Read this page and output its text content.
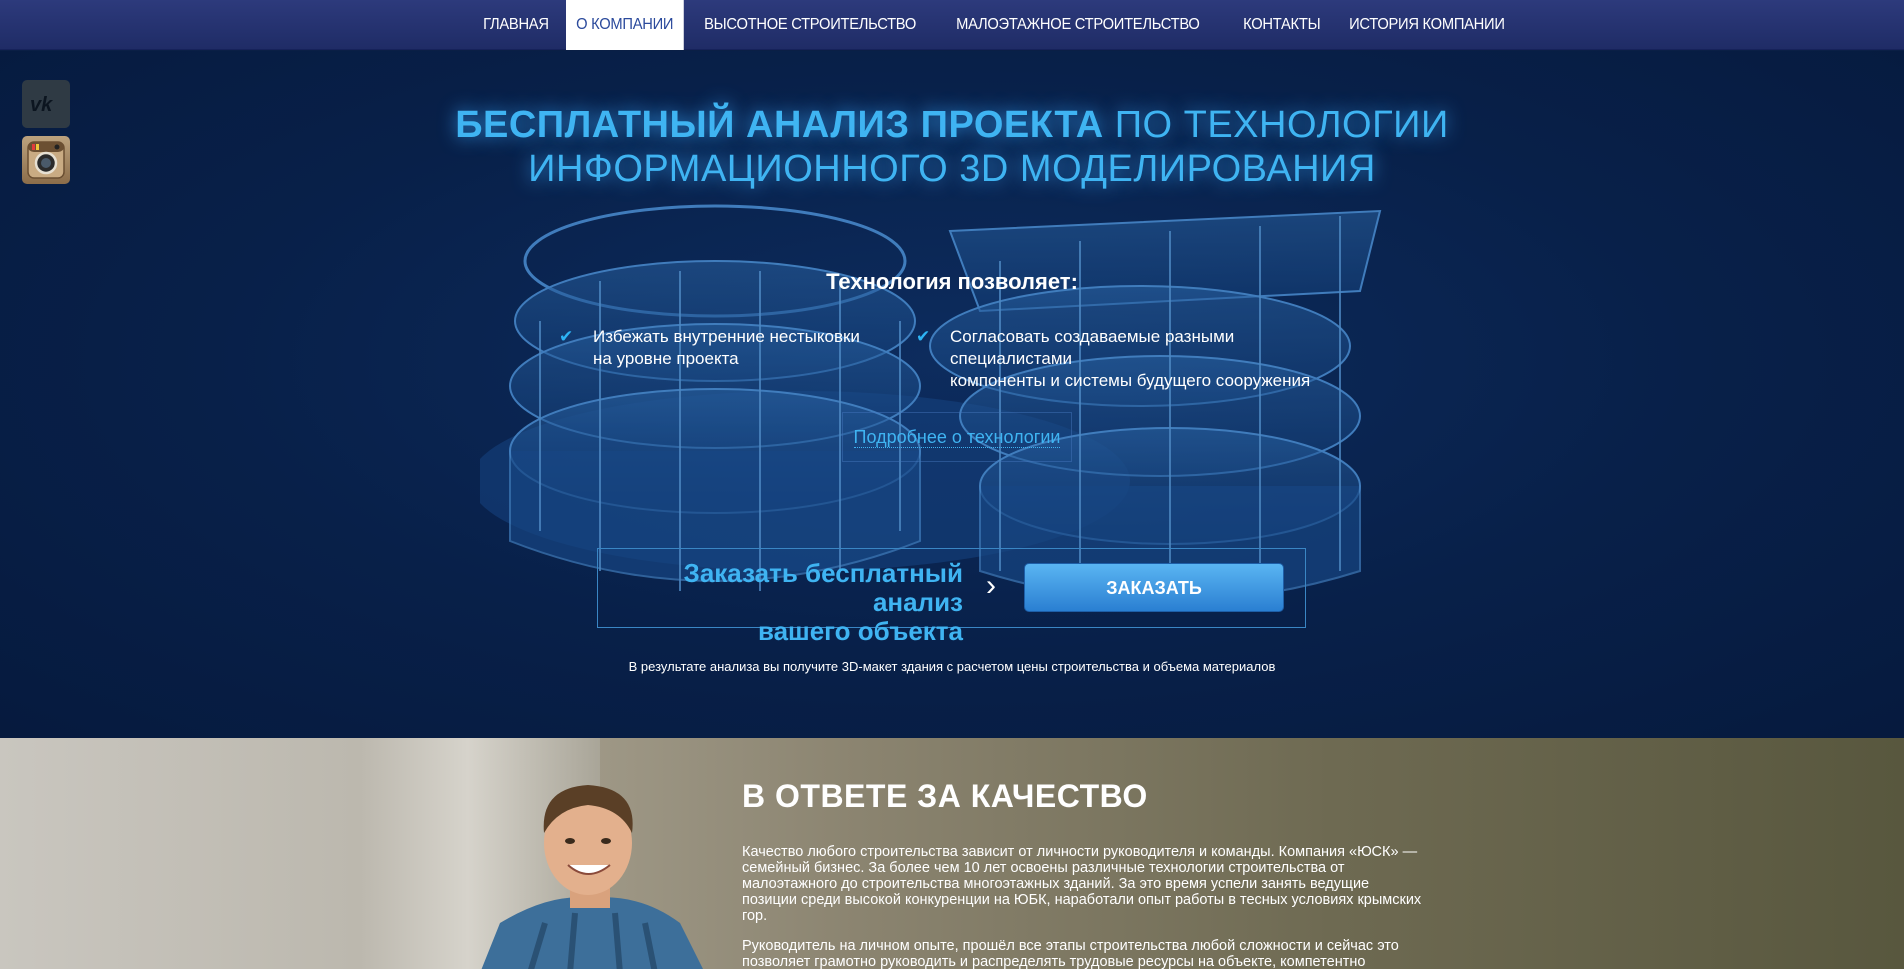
ГЛАВНАЯ	О КОМПАНИИ	ВЫСОТНОЕ СТРОИТЕЛЬСТВО	МАЛОЭТАЖНОЕ СТРОИТЕЛЬСТВО	КОНТАКТЫ	ИСТОРИЯ КОМПАНИИ
БЕСПЛАТНЫЙ АНАЛИЗ ПРОЕКТА ПО ТЕХНОЛОГИИ
ИНФОРМАЦИОННОГО 3D МОДЕЛИРОВАНИЯ
Технология позволяет:
✔ Избежать внутренние нестыковки
на уровне проекта
✔ Согласовать создаваемые разными специалистами
компоненты и системы будущего сооружения
Подробнее о технологии
Заказать бесплатный анализ
вашего объекта
›	ЗАКАЗАТЬ
В результате анализа вы получите 3D-макет здания с расчетом цены строительства и объема материалов
vk
В ОТВЕТЕ ЗА КАЧЕСТВО
Качество любого строительства зависит от личности руководителя и команды. Компания «ЮСК» —
семейный бизнес. За более чем 10 лет освоены различные технологии строительства от
малоэтажного до строительства многоэтажных зданий. За это время успели занять ведущие
позиции среди высокой конкуренции на ЮБК, наработали опыт работы в тесных условиях крымских
гор.
Руководитель на личном опыте, прошёл все этапы строительства любой сложности и сейчас это
позволяет грамотно руководить и распределять трудовые ресурсы на объекте, компетентно
